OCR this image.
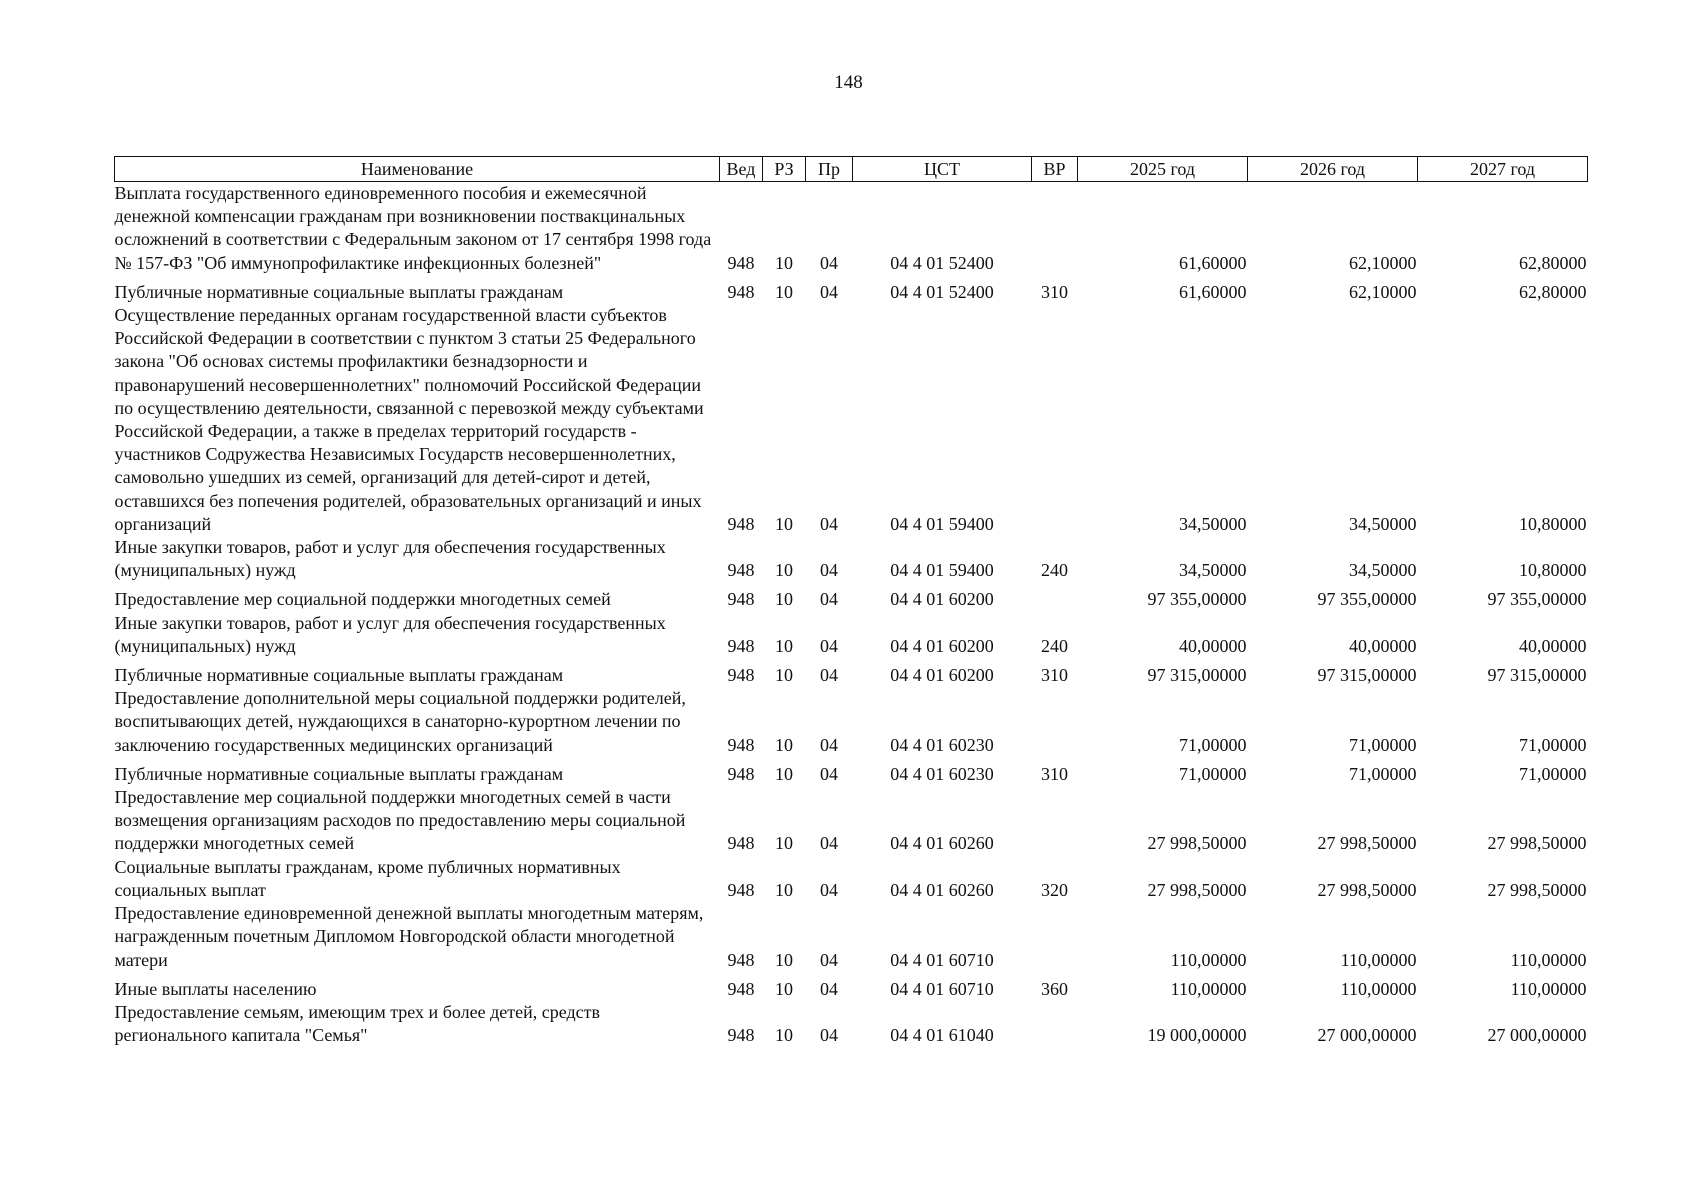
148
Наименование	Вед	РЗ	Пр	ЦСТ	ВР	2025 год	2026 год	2027 год
Выплата государственного единовременного пособия и ежемесячной денежной компенсации гражданам при возникновении поствакцинальных осложнений в соответствии с Федеральным законом от 17 сентября 1998 года № 157-ФЗ "Об иммунопрофилактике инфекционных болезней"	948	10	04	04 4 01 52400		61,60000	62,10000	62,80000
Публичные нормативные социальные выплаты гражданам	948	10	04	04 4 01 52400	310	61,60000	62,10000	62,80000
Осуществление переданных органам государственной власти субъектов Российской Федерации в соответствии с пунктом 3 статьи 25 Федерального закона "Об основах системы профилактики безнадзорности и правонарушений несовершеннолетних" полномочий Российской Федерации по осуществлению деятельности, связанной с перевозкой между субъектами Российской Федерации, а также в пределах территорий государств - участников Содружества Независимых Государств несовершеннолетних, самовольно ушедших из семей, организаций для детей-сирот и детей, оставшихся без попечения родителей, образовательных организаций и иных организаций	948	10	04	04 4 01 59400		34,50000	34,50000	10,80000
Иные закупки товаров, работ и услуг для обеспечения государственных (муниципальных) нужд	948	10	04	04 4 01 59400	240	34,50000	34,50000	10,80000
Предоставление мер социальной поддержки многодетных семей	948	10	04	04 4 01 60200		97 355,00000	97 355,00000	97 355,00000
Иные закупки товаров, работ и услуг для обеспечения государственных (муниципальных) нужд	948	10	04	04 4 01 60200	240	40,00000	40,00000	40,00000
Публичные нормативные социальные выплаты гражданам	948	10	04	04 4 01 60200	310	97 315,00000	97 315,00000	97 315,00000
Предоставление дополнительной меры социальной поддержки родителей, воспитывающих детей, нуждающихся в санаторно-курортном лечении по заключению государственных медицинских организаций	948	10	04	04 4 01 60230		71,00000	71,00000	71,00000
Публичные нормативные социальные выплаты гражданам	948	10	04	04 4 01 60230	310	71,00000	71,00000	71,00000
Предоставление мер социальной поддержки многодетных семей в части возмещения организациям расходов по предоставлению меры социальной поддержки многодетных семей	948	10	04	04 4 01 60260		27 998,50000	27 998,50000	27 998,50000
Социальные выплаты гражданам, кроме публичных нормативных социальных выплат	948	10	04	04 4 01 60260	320	27 998,50000	27 998,50000	27 998,50000
Предоставление единовременной денежной выплаты многодетным матерям, награжденным почетным Дипломом Новгородской области многодетной матери	948	10	04	04 4 01 60710		110,00000	110,00000	110,00000
Иные выплаты населению	948	10	04	04 4 01 60710	360	110,00000	110,00000	110,00000
Предоставление семьям, имеющим трех и более детей, средств регионального капитала "Семья"	948	10	04	04 4 01 61040		19 000,00000	27 000,00000	27 000,00000
